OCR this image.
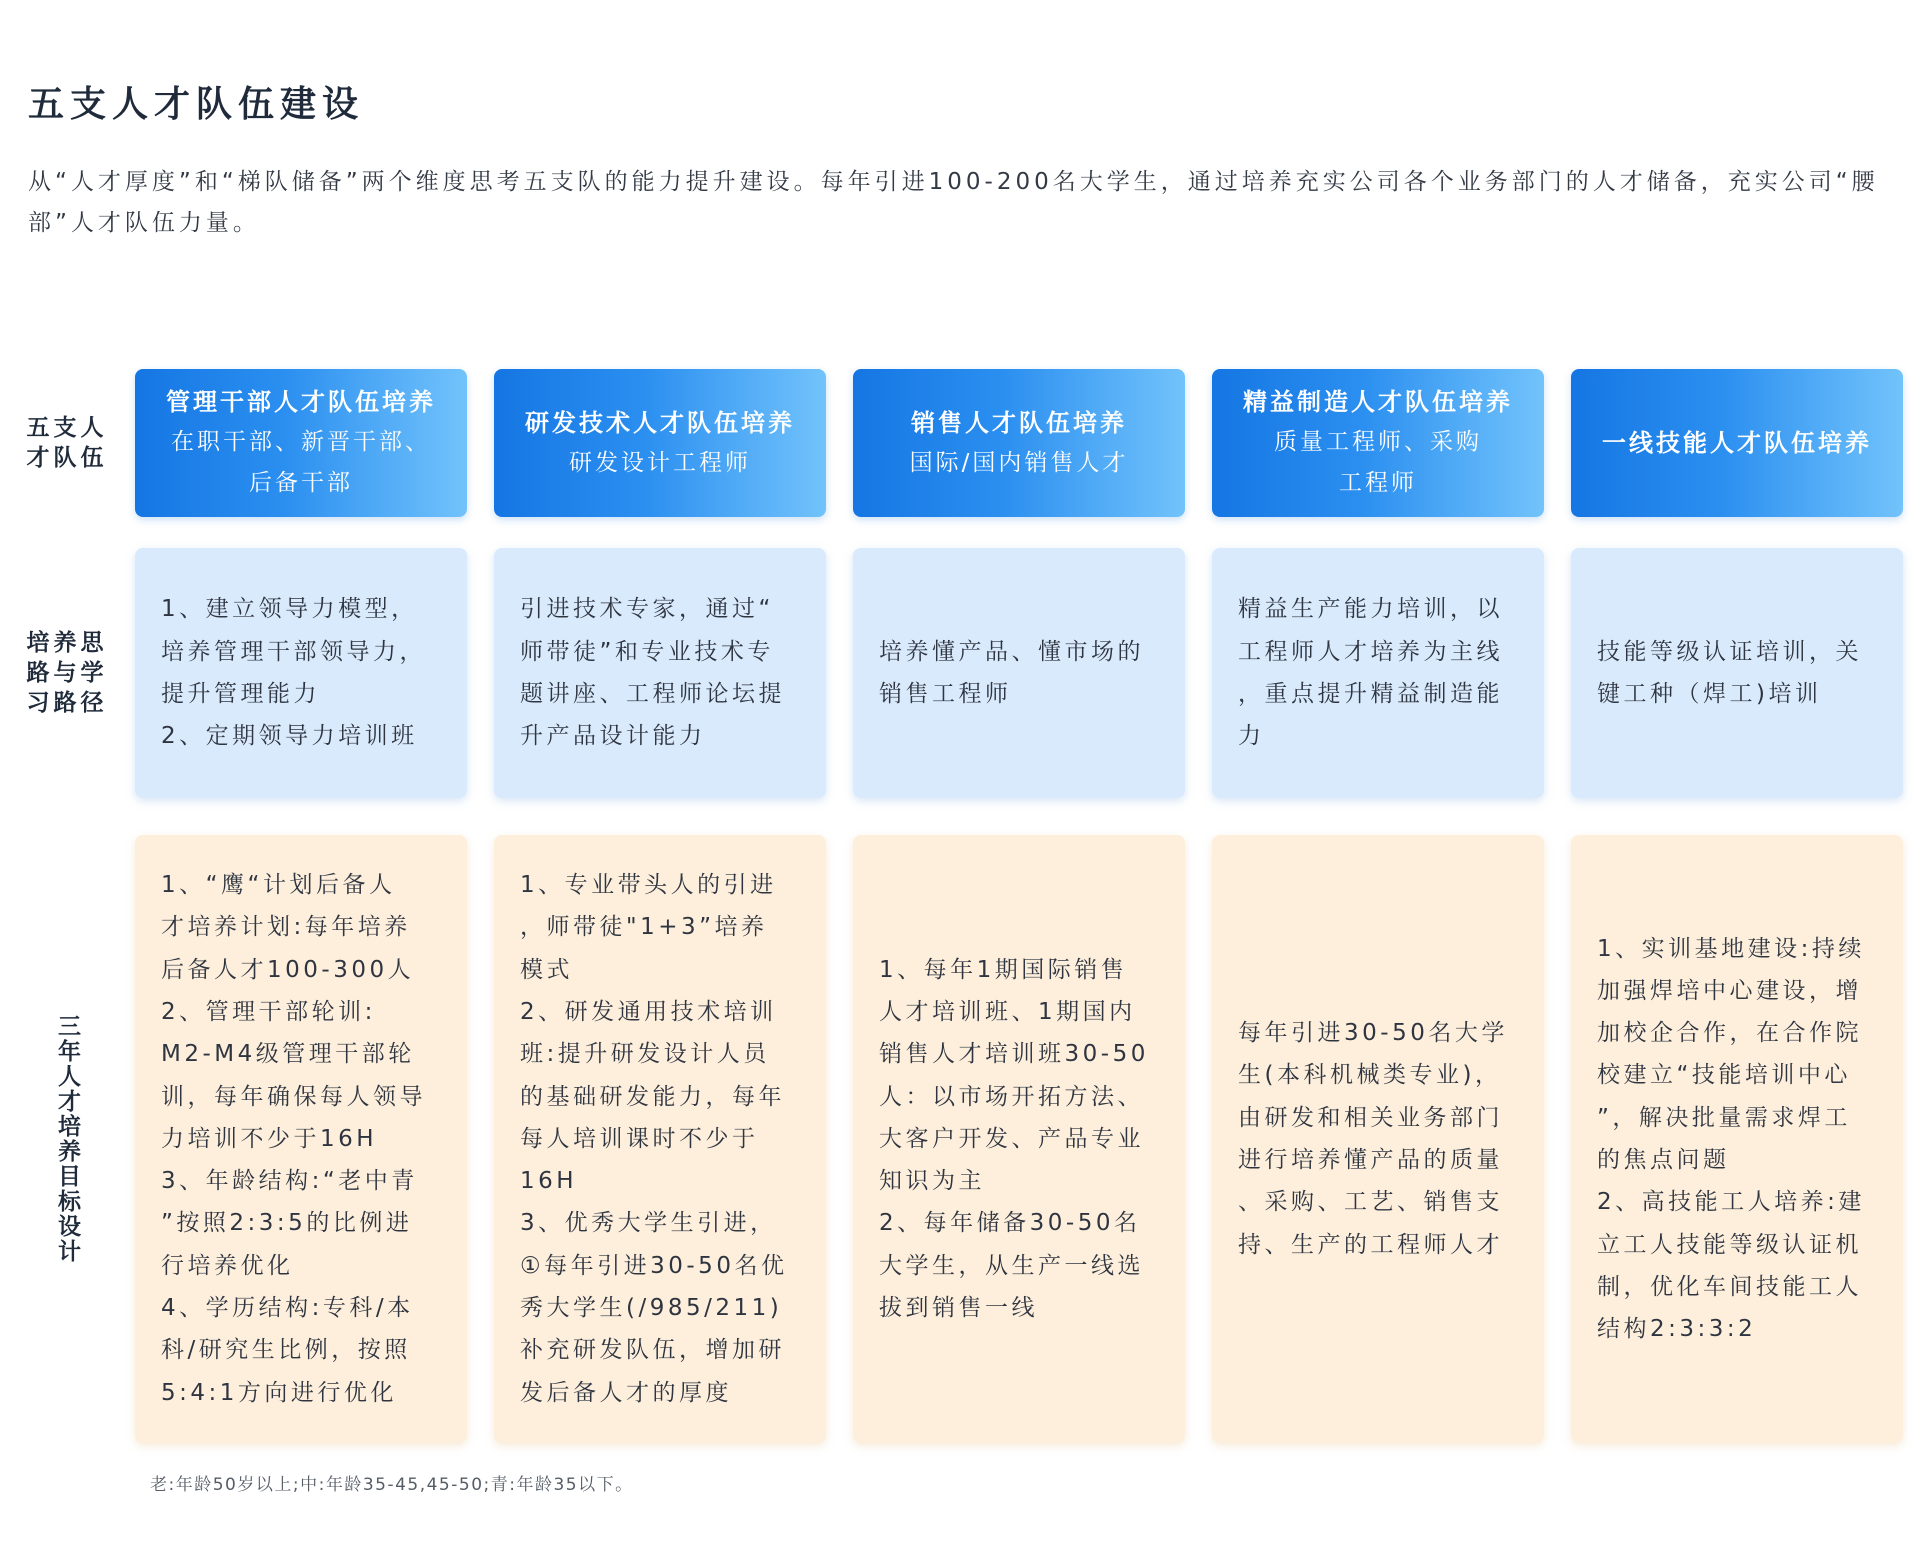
五支人才队伍建设
从“人才厚度”和“梯队储备”两个维度思考五支队的能力提升建设。每年引进100-200名大学生，通过培养充实公司各个业务部门的人才储备，充实公司“腰部”人才队伍力量。
五支人
才队伍
培养思
路与学
习路径
三年人才培养目标设计
管理干部人才队伍培养
在职干部、新晋干部、
后备干部
1、建立领导力模型，
培养管理干部领导力，
提升管理能力
2、定期领导力培训班
1、“鹰“计划后备人
才培养计划:每年培养
后备人才100-300人
2、管理干部轮训:
M2-M4级管理干部轮
训，每年确保每人领导
力培训不少于16H
3、年龄结构:“老中青
”按照2:3:5的比例进
行培养优化
4、学历结构:专科/本
科/研究生比例，按照
5:4:1方向进行优化
研发技术人才队伍培养
研发设计工程师
引进技术专家，通过“
师带徒”和专业技术专
题讲座、工程师论坛提
升产品设计能力
1、专业带头人的引进
，师带徒"1+3”培养
模式
2、研发通用技术培训
班:提升研发设计人员
的基础研发能力，每年
每人培训课时不少于
16H
3、优秀大学生引进，
①每年引进30-50名优
秀大学生(/985/211)
补充研发队伍，增加研
发后备人才的厚度
销售人才队伍培养
国际/国内销售人才
培养懂产品、懂市场的
销售工程师
1、每年1期国际销售
人才培训班、1期国内
销售人才培训班30-50
人：以市场开拓方法、
大客户开发、产品专业
知识为主
2、每年储备30-50名
大学生，从生产一线选
拔到销售一线
精益制造人才队伍培养
质量工程师、采购
工程师
精益生产能力培训，以
工程师人才培养为主线
，重点提升精益制造能
力
每年引进30-50名大学
生(本科机械类专业)，
由研发和相关业务部门
进行培养懂产品的质量
、采购、工艺、销售支
持、生产的工程师人才
一线技能人才队伍培养
技能等级认证培训，关
键工种（焊工)培训
1、实训基地建设:持续
加强焊培中心建设，增
加校企合作，在合作院
校建立“技能培训中心
”，解决批量需求焊工
的焦点问题
2、高技能工人培养:建
立工人技能等级认证机
制，优化车间技能工人
结构2:3:3:2
老:年龄50岁以上;中:年龄35-45,45-50;青:年龄35以下。
